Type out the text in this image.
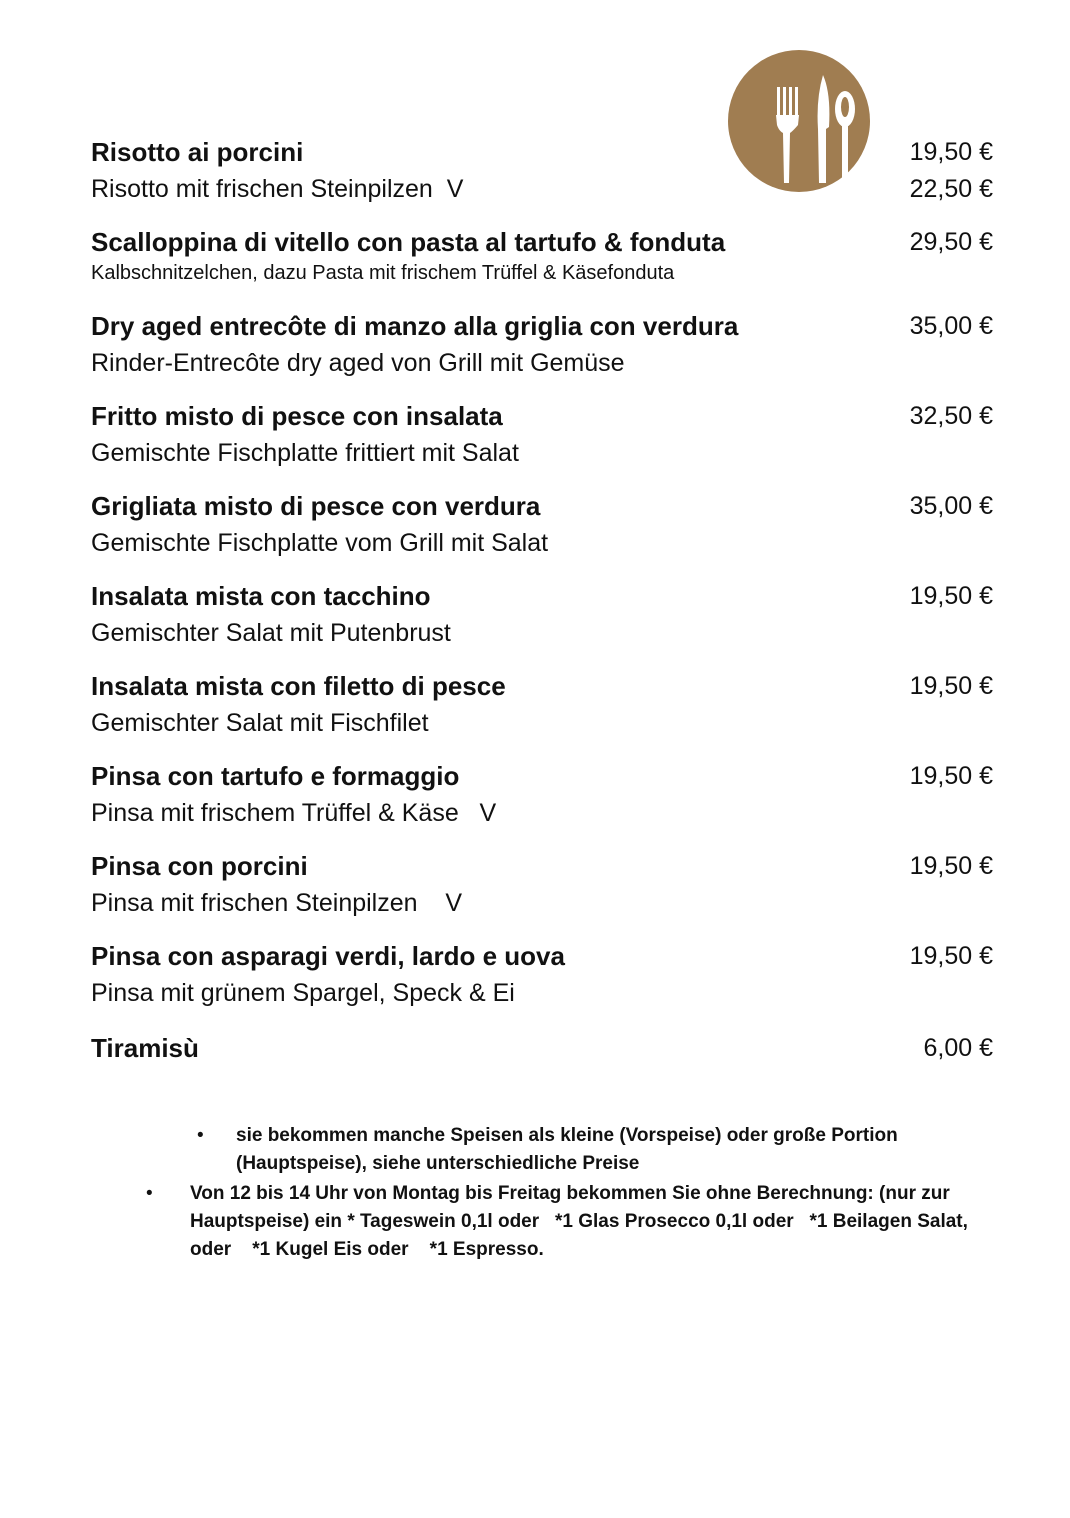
Risotto ai porcini
Risotto mit frischen Steinpilzen  V
19,50 €
22,50 €
Scalloppina di vitello con pasta al tartufo & fonduta
Kalbschnitzelchen, dazu Pasta mit frischem Trüffel & Käsefonduta
29,50 €
Dry aged entrecôte di manzo alla griglia con verdura
Rinder-Entrecôte dry aged von Grill mit Gemüse
35,00 €
Fritto misto di pesce con insalata
Gemischte Fischplatte frittiert mit Salat
32,50 €
Grigliata misto di pesce con verdura
Gemischte Fischplatte vom Grill mit Salat
35,00 €
Insalata mista con tacchino
Gemischter Salat mit Putenbrust
19,50 €
Insalata mista con filetto di pesce
Gemischter Salat mit Fischfilet
19,50 €
Pinsa con tartufo e formaggio
Pinsa mit frischem Trüffel & Käse   V
19,50 €
Pinsa con porcini
Pinsa mit frischen Steinpilzen    V
19,50 €
Pinsa con asparagi verdi, lardo e uova
Pinsa mit grünem Spargel, Speck & Ei
19,50 €
Tiramisù	6,00 €
• sie bekommen manche Speisen als kleine (Vorspeise) oder große Portion (Hauptspeise), siehe unterschiedliche Preise
• Von 12 bis 14 Uhr von Montag bis Freitag bekommen Sie ohne Berechnung: (nur zur Hauptspeise) ein * Tageswein 0,1l oder   *1 Glas Prosecco 0,1l oder   *1 Beilagen Salat, oder    *1 Kugel Eis oder    *1 Espresso.
